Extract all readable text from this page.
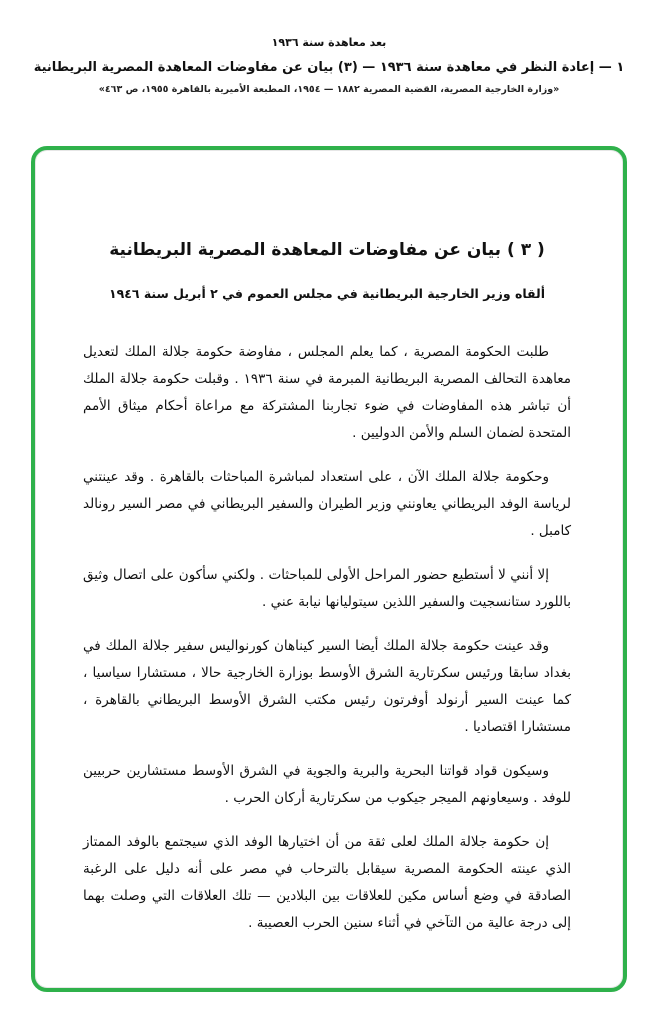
بعد معاهدة سنة ١٩٣٦
١ — إعادة النظر في معاهدة سنة ١٩٣٦ — (٣) بيان عن مفاوضات المعاهدة المصرية البريطانية
«وزارة الخارجية المصرية، القضية المصرية ١٨٨٢ — ١٩٥٤، المطبعة الأميرية بالقاهرة ١٩٥٥، ص ٤٦٣»
( ٣ ) بيان عن مفاوضات المعاهدة المصرية البريطانية
ألقاه وزير الخارجية البريطانية في مجلس العموم في ٢ أبريل سنة ١٩٤٦

طلبت الحكومة المصرية ، كما يعلم المجلس ، مفاوضة حكومة جلالة الملك لتعديل معاهدة التحالف المصرية البريطانية المبرمة في سنة ١٩٣٦ . وقبلت حكومة جلالة الملك أن تباشر هذه المفاوضات في ضوء تجاربنا المشتركة مع مراعاة أحكام ميثاق الأمم المتحدة لضمان السلم والأمن الدوليين .

وحكومة جلالة الملك الآن ، على استعداد لمباشرة المباحثات بالقاهرة . وقد عينتني لرياسة الوفد البريطاني يعاونني وزير الطيران والسفير البريطاني في مصر السير رونالد كامبل .

إلا أنني لا أستطيع حضور المراحل الأولى للمباحثات . ولكني سأكون على اتصال وثيق باللورد ستانسجيت والسفير اللذين سيتوليانها نيابة عني .

وقد عينت حكومة جلالة الملك أيضا السير كيناهان كورنواليس سفير جلالة الملك في بغداد سابقا ورئيس سكرتارية الشرق الأوسط بوزارة الخارجية حالا ، مستشارا سياسيا ، كما عينت السير أرنولد أوفرتون رئيس مكتب الشرق الأوسط البريطاني بالقاهرة ، مستشارا اقتصاديا .

وسيكون قواد قواتنا البحرية والبرية والجوية في الشرق الأوسط مستشارين حربيين للوفد . وسيعاونهم الميجر جيكوب من سكرتارية أركان الحرب .

إن حكومة جلالة الملك لعلى ثقة من أن اختيارها الوفد الذي سيجتمع بالوفد الممتاز الذي عينته الحكومة المصرية سيقابل بالترحاب في مصر على أنه دليل على الرغبة الصادقة في وضع أساس مكين للعلاقات بين البلادين — تلك العلاقات التي وصلت بهما إلى درجة عالية من التآخي في أثناء سنين الحرب العصيبة .
